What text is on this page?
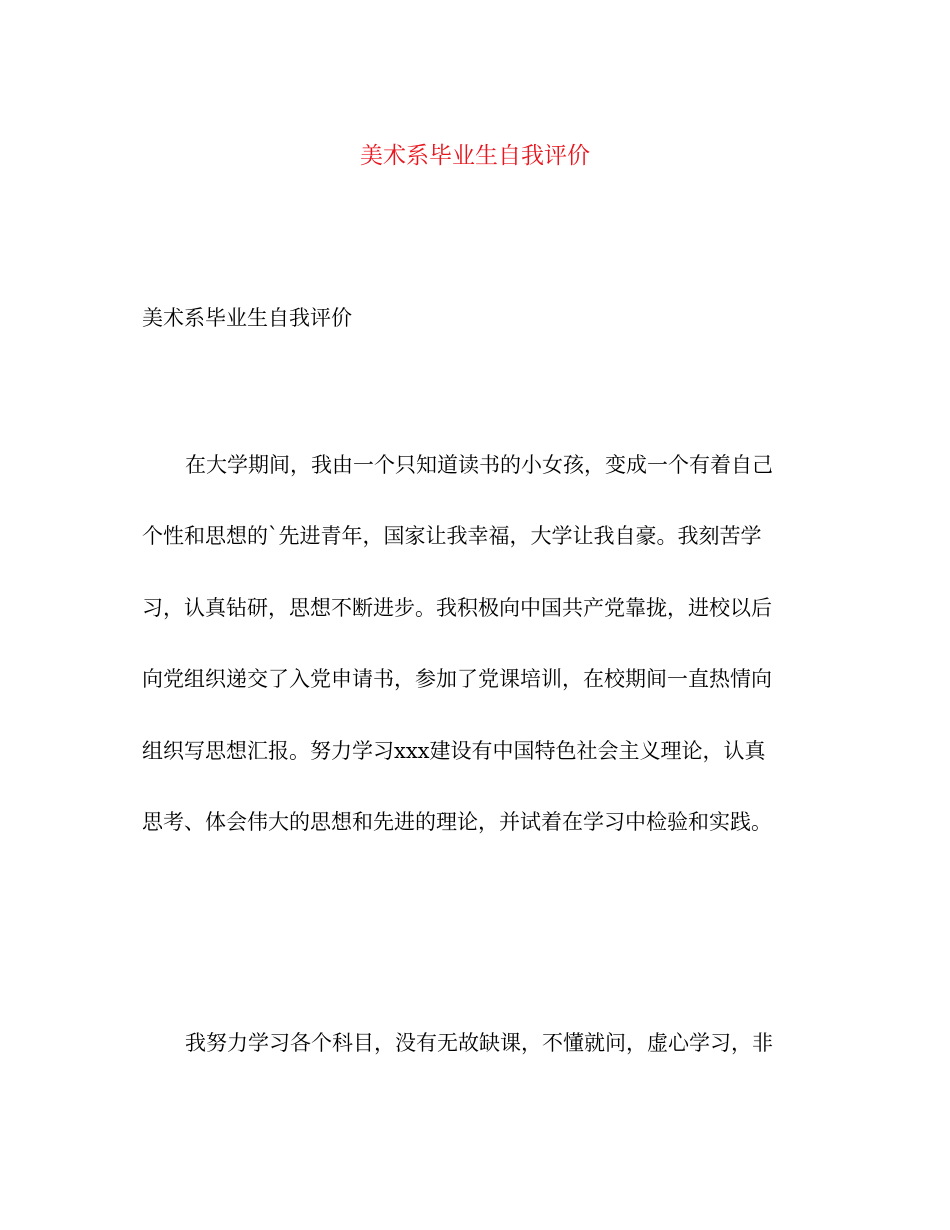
美术系毕业生自我评价

美术系毕业生自我评价

在大学期间，我由一个只知道读书的小女孩，变成一个有着自己

个性和思想的`先进青年，国家让我幸福，大学让我自豪。我刻苦学

习，认真钻研，思想不断进步。我积极向中国共产党靠拢，进校以后

向党组织递交了入党申请书，参加了党课培训，在校期间一直热情向

组织写思想汇报。努力学习xxx建设有中国特色社会主义理论，认真

思考、体会伟大的思想和先进的理论，并试着在学习中检验和实践。

我努力学习各个科目，没有无故缺课，不懂就问，虚心学习，非
